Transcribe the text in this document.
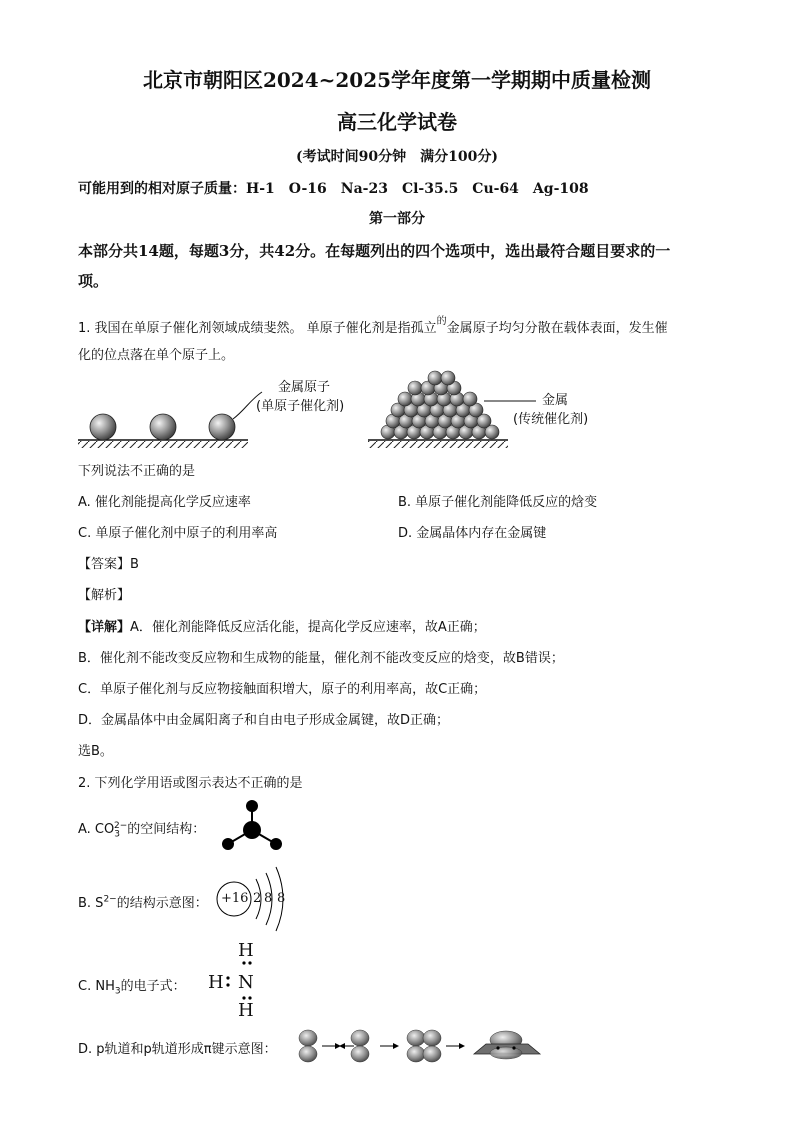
北京市朝阳区2024~2025学年度第一学期期中质量检测
高三化学试卷
(考试时间90分钟　满分100分)
可能用到的相对原子质量：H-1　O-16　Na-23　Cl-35.5　Cu-64　Ag-108
第一部分
本部分共14题，每题3分，共42分。在每题列出的四个选项中，选出最符合题目要求的一
项。
1. 我国在单原子催化剂领域成绩斐然。 单原子催化剂是指孤立$^的$金属原子均匀分散在载体表面，发生催
化的位点落在单个原子上。
金属原子
(单原子催化剂)	金属
(传统催化剂)
下列说法不正确的是
A. 催化剂能提高化学反应速率	B. 单原子催化剂能降低反应的焓变
C. 单原子催化剂中原子的利用率高	D. 金属晶体内存在金属键
【答案】B
【解析】
【详解】A．催化剂能降低反应活化能，提高化学反应速率，故A正确；
B．催化剂不能改变反应物和生成物的能量，催化剂不能改变反应的焓变，故B错误；
C．单原子催化剂与反应物接触面积增大，原子的利用率高，故C正确；
D．金属晶体中由金属阳离子和自由电子形成金属键，故D正确；
选B。
2. 下列化学用语或图示表达不正确的是
A. $CO_3^{2-}$的空间结构：
B. $S^{2-}$的结构示意图： +16 2 8 8
C. $NH_3$的电子式：
H
H N
H
D. p轨道和p轨道形成π键示意图：
